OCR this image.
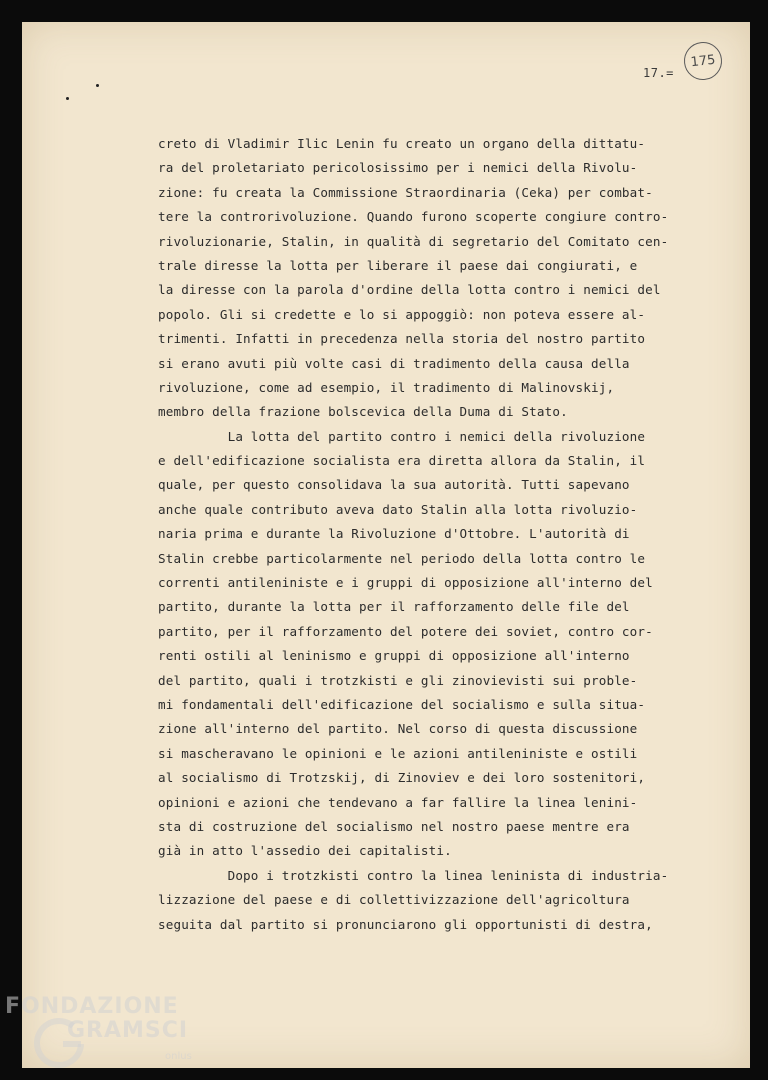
17.=
175
creto di Vladimir Ilic Lenin fu creato un organo della dittatu-
ra del proletariato pericolosissimo per i nemici della Rivolu-
zione: fu creata la Commissione Straordinaria (Ceka) per combat-
tere la controrivoluzione. Quando furono scoperte congiure contro-
rivoluzionarie, Stalin, in qualità di segretario del Comitato cen-
trale diresse la lotta per liberare il paese dai congiurati, e
la diresse con la parola d'ordine della lotta contro i nemici del
popolo. Gli si credette e lo si appoggiò: non poteva essere al-
trimenti. Infatti in precedenza nella storia del nostro partito
si erano avuti più volte casi di tradimento della causa della
rivoluzione, come ad esempio, il tradimento di Malinovskij,
membro della frazione bolscevica della Duma di Stato.
La lotta del partito contro i nemici della rivoluzione
e dell'edificazione socialista era diretta allora da Stalin, il
quale, per questo consolidava la sua autorità. Tutti sapevano
anche quale contributo aveva dato Stalin alla lotta rivoluzio-
naria prima e durante la Rivoluzione d'Ottobre. L'autorità di
Stalin crebbe particolarmente nel periodo della lotta contro le
correnti antileniniste e i gruppi di opposizione all'interno del
partito, durante la lotta per il rafforzamento delle file del
partito, per il rafforzamento del potere dei soviet, contro cor-
renti ostili al leninismo e gruppi di opposizione all'interno
del partito, quali i trotzkisti e gli zinovievisti sui proble-
mi fondamentali dell'edificazione del socialismo e sulla situa-
zione all'interno del partito. Nel corso di questa discussione
si mascheravano le opinioni e le azioni antileniniste e ostili
al socialismo di Trotzskij, di Zinoviev e dei loro sostenitori,
opinioni e azioni che tendevano a far fallire la linea lenini-
sta di costruzione del socialismo nel nostro paese mentre era
già in atto l'assedio dei capitalisti.
Dopo i trotzkisti contro la linea leninista di industria-
lizzazione del paese e di collettivizzazione dell'agricoltura
seguita dal partito si pronunciarono gli opportunisti di destra,
FONDAZIONE
GRAMSCI
onlus
